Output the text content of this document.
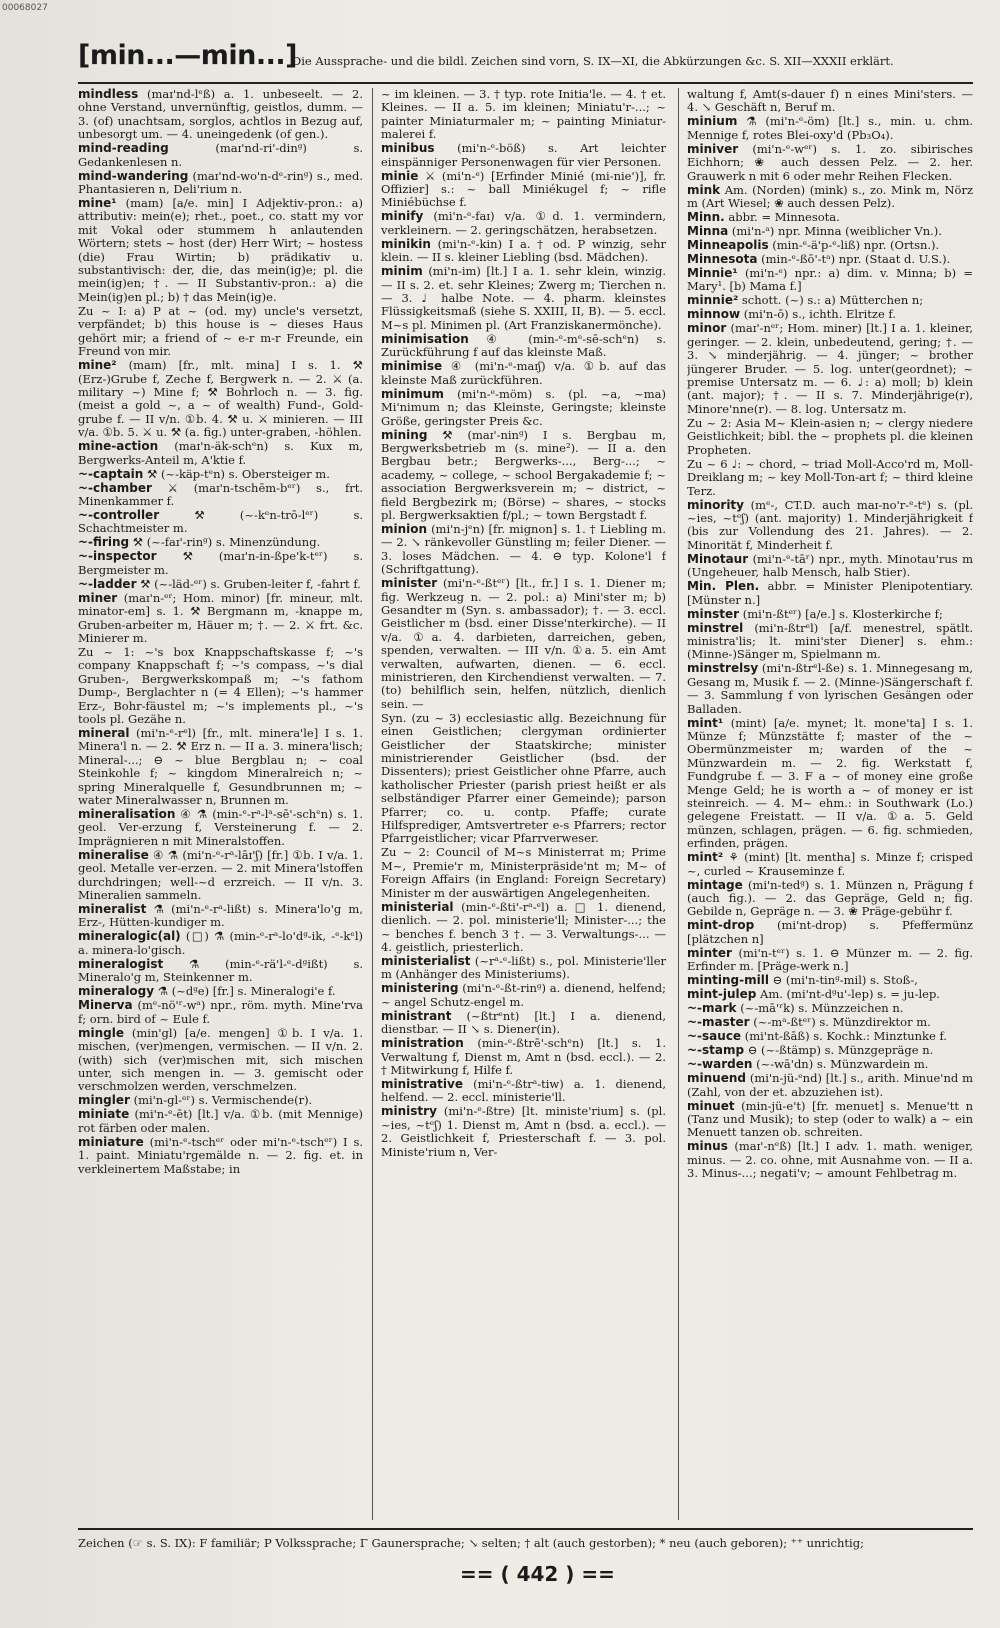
00068027
[min...—min...]
Die Aussprache- und die bildl. Zeichen sind vorn, S. IX—XI, die Abkürzungen &c. S. XII—XXXII erklärt.
mindless (maɪ'nd-lᵉß) a. 1. unbeseelt. — 2. ohne Verstand, unvernünftig, geistlos, dumm. — 3. (of) unachtsam, sorglos, achtlos in Bezug auf, unbesorgt um. — 4. uneingedenk (of gen.).
mind-reading	(maɪ'nd-ri'-dinᵍ) s. Gedankenlesen n.
mind-wandering (maɪ'nd-wo'n-dᵉ-rinᵍ) s., med. Phantasieren n, Deli'rium n.
mine¹ (maɪn) [a/e. min] I Adjektiv-pron.: a) attributiv: mein(e); rhet., poet., co. statt my vor mit Vokal oder stummem h anlautenden Wörtern; stets ~ host (der) Herr Wirt; ~ hostess (die) Frau Wirtin; b) prädikativ u. substantivisch: der, die, das mein(ig)e; pl. die mein(ig)en; †. — II Substantiv-pron.: a) die Mein(ig)en pl.; b) † das Mein(ig)e.
Zu ~ I: a) P at ~ (od. my) uncle's versetzt, verpfändet; b) this house is ~ dieses Haus gehört mir; a friend of ~ e-r m-r Freunde, ein Freund von mir.
mine² (maɪn) [fr., mlt. mina] I s. 1. ⚒ (Erz-)Grube f, Zeche f, Bergwerk n. — 2. ⚔ (a. military ~) Mine f; ⚒ Bohrloch n. — 3. fig. (meist a gold ~, a ~ of wealth) Fund-, Gold-grube f. — II v/n. ①b. 4. ⚒ u. ⚔ minieren. — III v/a. ①b. 5. ⚔ u. ⚒ (a. fig.) unter-graben, -höhlen.
mine-action (maɪ'n-äk-schᵉn) s. Kux m, Bergwerks-Anteil m, A'ktie f.
~-captain ⚒ (~-käp-tᵉn) s. Obersteiger m.
~-chamber ⚔ (maɪ'n-tschēm-bᵉʳ) s., frt. Minenkammer f.
~-controller	⚒ (~-kᵉn-trō-lᵉʳ) s. Schachtmeister m.
~-firing ⚒ (~-faɪ'-rinᵍ) s. Minenzündung.
~-inspector ⚒ (maɪ'n-in-ßpe'k-tᵉʳ) s. Bergmeister m.
~-ladder ⚒ (~-läd-ᵉʳ) s. Gruben-leiter f, -fahrt f.
miner (maɪ'n-ᵉʳ; Hom. minor) [fr. mineur, mlt. minator-em] s. 1. ⚒ Bergmann m, -knappe m, Gruben-arbeiter m, Häuer m; †. — 2. ⚔ frt. &c. Minierer m.
Zu ~ 1: ~'s box Knappschaftskasse f; ~'s company Knappschaft f; ~'s compass, ~'s dial Gruben-, Bergwerkskompaß m; ~'s fathom Dump-, Berglachter n (= 4 Ellen); ~'s hammer Erz-, Bohr-fäustel m; ~'s implements pl., ~'s tools pl. Gezähe n.
mineral (mi'n-ᵉ-rᵉl) [fr., mlt. minera'le] I s. 1. Minera'l n. — 2. ⚒ Erz n. — II a. 3. minera'lisch; Mineral-...; ⊖ ~ blue Bergblau n; ~ coal Steinkohle f; ~ kingdom Mineralreich n; ~ spring Mineralquelle f, Gesundbrunnen m; ~ water Mineralwasser n, Brunnen m.
mineralisation ④ ⚗ (min-ᵉ-rᵃ-lᵃ-sē'-schᵉn) s. 1. geol. Ver-erzung f, Versteinerung f. — 2. Imprägnieren n mit Mineralstoffen.
mineralise ④ ⚗ (mi'n-ᵉ-rᵃ-lāɪ'ʃ) [fr.] ①b. I v/a. 1. geol. Metalle ver-erzen. — 2. mit Minera'lstoffen durchdringen; well-~d erzreich. — II v/n. 3. Mineralien sammeln.
mineralist ⚗ (mi'n-ᵉ-rᵃ-lißt) s. Minera'lo'g m, Erz-, Hütten-kundiger m.
mineralogic(al) (□) ⚗ (min-ᵉ-rᵃ-lo'dᵍ-ik, -ᵉ-kᵉl) a. minera-lo'gisch.
mineralogist ⚗ (min-ᵉ-rä'l-ᵉ-dᵍißt) s. Mineralo'g m, Steinkenner m.
mineralogy ⚗ (~dᵍe) [fr.] s. Mineralogi'e f.
Minerva (mᵉ-nö'ʳ-wᵃ) npr., röm. myth. Mine'rva f; orn. bird of ~ Eule f.
mingle (min'gl) [a/e. mengen] ①b. I v/a. 1. mischen, (ver)mengen, vermischen. — II v/n. 2. (with) sich (ver)mischen mit, sich mischen unter, sich mengen in. — 3. gemischt oder verschmolzen werden, verschmelzen.
mingler (mi'n-gl-ᵉʳ) s. Vermischende(r).
miniate (mi'n-ᵉ-ēt) [lt.] v/a. ①b. (mit Mennige) rot färben oder malen.
miniature (mi'n-ᵉ-tschᵉʳ oder mi'n-ᵉ-tschᵉʳ) I s. 1. paint. Miniatu'rgemälde n. — 2. fig. et. in verkleinertem Maßstabe; in
~ im kleinen. — 3. † typ. rote Initia'le. — 4. † et. Kleines. — II a. 5. im kleinen; Miniatu'r-...; ~ painter Miniaturmaler m; ~ painting Miniatur-malerei f.
minibus (mi'n-ᵉ-böß) s. Art leichter einspänniger Personenwagen für vier Personen.
minie ⚔ (mi'n-ᵉ) [Erfinder Minié (mi-nie')], fr. Offizier] s.: ~ ball Miniékugel f; ~ rifle Miniébüchse f.
minify (mi'n-ᵉ-faɪ) v/a. ①d. 1. vermindern, verkleinern. — 2. geringschätzen, herabsetzen.
minikin (mi'n-ᵉ-kin) I a. † od. P winzig, sehr klein. — II s. kleiner Liebling (bsd. Mädchen).
minim (mi'n-im) [lt.] I a. 1. sehr klein, winzig. — II s. 2. et. sehr Kleines; Zwerg m; Tierchen n. — 3. ♩ halbe Note. — 4. pharm. kleinstes Flüssigkeitsmaß (siehe S. XXIII, II, B). — 5. eccl. M~s pl. Minimen pl. (Art Franziskanermönche).
minimisation ④ (min-ᵉ-mᵉ-sē-schᵉn) s. Zurückführung f auf das kleinste Maß.
minimise ④ (mi'n-ᵉ-maɪʃ) v/a. ①b. auf das kleinste Maß zurückführen.
minimum (mi'n-ᵉ-möm) s. (pl. ~a, ~ma) Mi'nimum n; das Kleinste, Geringste; kleinste Größe, geringster Preis &c.
mining ⚒ (maɪ'-ninᵍ) I s. Bergbau m, Bergwerksbetrieb m (s. mine²). — II a. den Bergbau betr.; Bergwerks-..., Berg-...; ~ academy, ~ college, ~ school Bergakademie f; ~ association Bergwerksverein m; ~ district, ~ field Bergbezirk m; (Börse) ~ shares, ~ stocks pl. Bergwerksaktien f/pl.; ~ town Bergstadt f.
minion (mi'n-jᵉn) [fr. mignon] s. 1. † Liebling m. — 2. ↘ ränkevoller Günstling m; feiler Diener. — 3. loses Mädchen. — 4. ⊖ typ. Kolone'l f (Schriftgattung).
minister (mi'n-ᵉ-ßtᵉʳ) [lt., fr.] I s. 1. Diener m; fig. Werkzeug n. — 2. pol.: a) Mini'ster m; b) Gesandter m (Syn. s. ambassador); †. — 3. eccl. Geistlicher m (bsd. einer Disse'nterkirche). — II v/a. ①a. 4. darbieten, darreichen, geben, spenden, verwalten. — III v/n. ①a. 5. ein Amt verwalten, aufwarten, dienen. — 6. eccl. ministrieren, den Kirchendienst verwalten. — 7. (to) behilflich sein, helfen, nützlich, dienlich sein. —
Syn. (zu ~ 3) ecclesiastic allg. Bezeichnung für einen Geistlichen; clergyman ordinierter Geistlicher der Staatskirche; minister ministrierender Geistlicher (bsd. der Dissenters); priest Geistlicher ohne Pfarre, auch katholischer Priester (parish priest heißt er als selbständiger Pfarrer einer Gemeinde); parson Pfarrer; co. u. contp. Pfaffe; curate Hilfsprediger, Amtsvertreter e-s Pfarrers; rector Pfarrgeistlicher; vicar Pfarrverweser.
Zu ~ 2: Council of M~s Ministerrat m; Prime M~, Premie'r m, Ministerpräside'nt m; M~ of Foreign Affairs (in England: Foreign Secretary) Minister m der auswärtigen Angelegenheiten.
ministerial (min-ᵉ-ßti'-rᵃ-ᵉl) a. □ 1. dienend, dienlich. — 2. pol. ministerie'll; Minister-...; the ~ benches f. bench 3 †. — 3. Verwaltungs-... — 4. geistlich, priesterlich.
ministerialist (~rᵃ-ᵉ-lißt) s., pol. Ministerie'ller m (Anhänger des Ministeriums).
ministering (mi'n-ᵉ-ßt-rinᵍ) a. dienend, helfend; ~ angel Schutz-engel m.
ministrant (~ßtrᵉnt) [lt.] I a. dienend, dienstbar. — II ↘ s. Diener(in).
ministration (min-ᵉ-ßtrē'-schᵉn) [lt.] s. 1. Verwaltung f, Dienst m, Amt n (bsd. eccl.). — 2. † Mitwirkung f, Hilfe f.
ministrative (mi'n-ᵉ-ßtrᵃ-tiw) a. 1. dienend, helfend. — 2. eccl. ministerie'll.
ministry (mi'n-ᵉ-ßtre) [lt. ministe'rium] s. (pl. ~ies, ~tᵉʃ) 1. Dienst m, Amt n (bsd. a. eccl.). — 2. Geistlichkeit f, Priesterschaft f. — 3. pol. Ministe'rium n, Ver-
waltung f, Amt(s-dauer f) n eines Mini'sters. — 4. ↘ Geschäft n, Beruf m.
minium ⚗ (mi'n-ᵉ-öm) [lt.] s., min. u. chm. Mennige f, rotes Blei-oxy'd (Pb₃O₄).
miniver (mi'n-ᵉ-wᵉʳ) s. 1. zo. sibirisches Eichhorn; ❀ auch dessen Pelz. — 2. her. Grauwerk n mit 6 oder mehr Reihen Flecken.
mink Am. (Norden) (mink) s., zo. Mink m, Nörz m (Art Wiesel; ❀ auch dessen Pelz).
Minn. abbr. = Minnesota.
Minna (mi'n-ᵃ) npr. Minna (weiblicher Vn.).
Minneapolis (min-ᵉ-ä'p-ᵉ-liß) npr. (Ortsn.).
Minnesota (min-ᵉ-ßō'-tᵃ) npr. (Staat d. U.S.).
Minnie¹ (mi'n-ᵉ) npr.: a) dim. v. Minna; b) = Mary¹. [b) Mama f.]
minnie² schott. (~) s.: a) Mütterchen n;
minnow (mi'n-ō) s., ichth. Elritze f.
minor (maɪ'-nᵉʳ; Hom. miner) [lt.] I a. 1. kleiner, geringer. — 2. klein, unbedeutend, gering; †. — 3. ↘ minderjährig. — 4. jünger; ~ brother jüngerer Bruder. — 5. log. unter(geordnet); ~ premise Untersatz m. — 6. ♩: a) moll; b) klein (ant. major); †. — II s. 7. Minderjährige(r), Minore'nne(r). — 8. log. Untersatz m.
Zu ~ 2: Asia M~ Klein-asien n; ~ clergy niedere Geistlichkeit; bibl. the ~ prophets pl. die kleinen Propheten.
Zu ~ 6 ♩: ~ chord, ~ triad Moll-Acco'rd m, Moll-Dreiklang m; ~ key Moll-Ton-art f; ~ third kleine Terz.
minority (mᵉ-, CT.D. auch maɪ-no'r-ᵉ-tᵉ) s. (pl. ~ies, ~tᵉʃ) (ant. majority) 1. Minderjährigkeit f (bis zur Vollendung des 21. Jahres). — 2. Minorität f, Minderheit f.
Minotaur (mi'n-ᵉ-tāʳ) npr., myth. Minotau'rus m (Ungeheuer, halb Mensch, halb Stier).
Min. Plen. abbr. = Minister Plenipotentiary. [Münster n.]
minster (mi'n-ßtᵉʳ) [a/e.] s. Klosterkirche f;
minstrel (mi'n-ßtrᵉl) [a/f. menestrel, spätlt. ministra'lis; lt. mini'ster Diener] s. ehm.: (Minne-)Sänger m, Spielmann m.
minstrelsy (mi'n-ßtrᵉl-ße) s. 1. Minnegesang m, Gesang m, Musik f. — 2. (Minne-)Sängerschaft f. — 3. Sammlung f von lyrischen Gesängen oder Balladen.
mint¹ (mint) [a/e. mynet; lt. mone'ta] I s. 1. Münze f; Münzstätte f; master of the ~ Obermünzmeister m; warden of the ~ Münzwardein m. — 2. fig. Werkstatt f, Fundgrube f. — 3. F a ~ of money eine große Menge Geld; he is worth a ~ of money er ist steinreich. — 4. M~ ehm.: in Southwark (Lo.) gelegene Freistatt. — II v/a. ①a. 5. Geld münzen, schlagen, prägen. — 6. fig. schmieden, erfinden, prägen.
mint² ⚘ (mint) [lt. mentha] s. Minze f; crisped ~, curled ~ Krauseminze f.
mintage (mi'n-tedᵍ) s. 1. Münzen n, Prägung f (auch fig.). — 2. das Gepräge, Geld n; fig. Gebilde n, Gepräge n. — 3. ❀ Präge-gebühr f.
mint-drop (mi'nt-drop) s. Pfeffermünz [plätzchen n]
minter (mi'n-tᵉʳ) s. 1. ⊖ Münzer m. — 2. fig. Erfinder m. [Präge-werk n.]
minting-mill ⊖ (mi'n-tinᵍ-mil) s. Stoß-,
mint-julep Am. (mi'nt-dᵍu'-lep) s. = ju-lep.
~-mark (~-mā'ʳk) s. Münzzeichen n.
~-master (~-mᵃ-ßtᵉʳ) s. Münzdirektor m.
~-sauce (mi'nt-ßāß) s. Kochk.: Minztunke f.
~-stamp ⊖ (~-ßtämp) s. Münzgepräge n.
~-warden (~-wā'dn) s. Münzwardein m.
minuend (mi'n-jü-ᵉnd) [lt.] s., arith. Minue'nd m (Zahl, von der et. abzuziehen ist).
minuet (min-jü-e't) [fr. menuet] s. Menue'tt n (Tanz und Musik); to step (oder to walk) a ~ ein Menuett tanzen ob. schreiten.
minus (maɪ'-nᵉß) [lt.] I adv. 1. math. weniger, minus. — 2. co. ohne, mit Ausnahme von. — II a. 3. Minus-...; negati'v; ~ amount Fehlbetrag m.
Zeichen (☞ s. S. IX): F familiär; P Volkssprache; Γ Gaunersprache; ↘ selten; † alt (auch gestorben); * neu (auch geboren); ⁺⁺ unrichtig;
== ( 442 ) ==
